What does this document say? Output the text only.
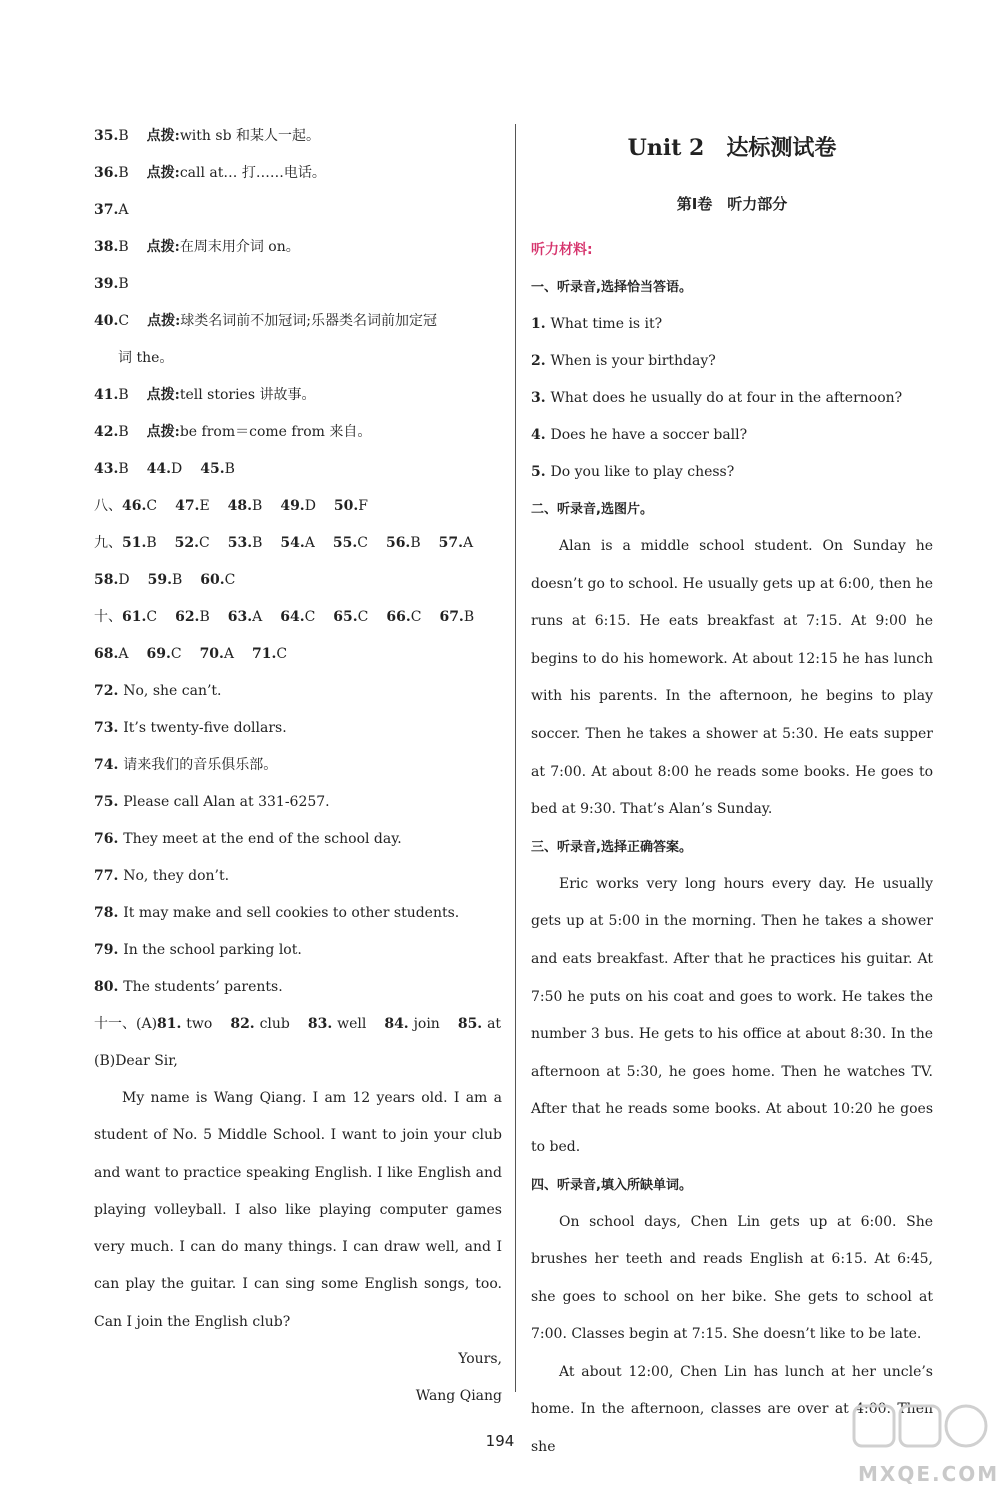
35.B 点拨:with sb 和某人一起。
36.B 点拨:call at… 打……电话。
37.A
38.B 点拨:在周末用介词 on。
39.B
40.C 点拨:球类名词前不加冠词;乐器类名词前加定冠
词 the。
41.B 点拨:tell stories 讲故事。
42.B 点拨:be from＝come from 来自。
43.B 44.D 45.B
八、46.C 47.E 48.B 49.D 50.F
九、51.B 52.C 53.B 54.A 55.C 56.B 57.A
58.D 59.B 60.C
十、61.C 62.B 63.A 64.C 65.C 66.C 67.B
68.A 69.C 70.A 71.C
72. No, she can’t.
73. It’s twenty-five dollars.
74. 请来我们的音乐俱乐部。
75. Please call Alan at 331-6257.
76. They meet at the end of the school day.
77. No, they don’t.
78. It may make and sell cookies to other students.
79. In the school parking lot.
80. The students’ parents.
十一、(A)81. two 82. club 83. well 84. join 85. at
(B)Dear Sir,

My name is Wang Qiang. I am 12 years old. I am a student of No. 5 Middle School. I want to join your club and want to practice speaking English. I like English and playing volleyball. I also like playing computer games very much. I can do many things. I can draw well, and I can play the guitar. I can sing some English songs, too. Can I join the English club?

Yours,
Wang Qiang
Unit 2　达标测试卷
第Ⅰ卷　听力部分
听力材料:
一、听录音,选择恰当答语。
1. What time is it?
2. When is your birthday?
3. What does he usually do at four in the afternoon?
4. Does he have a soccer ball?
5. Do you like to play chess?
二、听录音,选图片。

Alan is a middle school student. On Sunday he doesn’t go to school. He usually gets up at 6:00, then he runs at 6:15. He eats breakfast at 7:15. At 9:00 he begins to do his homework. At about 12:15 he has lunch with his parents. In the afternoon, he begins to play soccer. Then he takes a shower at 5:30. He eats supper at 7:00. At about 8:00 he reads some books. He goes to bed at 9:30. That’s Alan’s Sunday.

三、听录音,选择正确答案。

Eric works very long hours every day. He usually gets up at 5:00 in the morning. Then he takes a shower and eats breakfast. After that he practices his guitar. At 7:50 he puts on his coat and goes to work. He takes the number 3 bus. He gets to his office at about 8:30. In the afternoon at 5:30, he goes home. Then he watches TV. After that he reads some books. At about 10:20 he goes to bed.

四、听录音,填入所缺单词。

On school days, Chen Lin gets up at 6:00. She brushes her teeth and reads English at 6:15. At 6:45, she goes to school on her bike. She gets to school at 7:00. Classes begin at 7:15. She doesn’t like to be late.

At about 12:00, Chen Lin has lunch at her uncle’s home. In the afternoon, classes are over at 4:00. Then she

194
MXQE.COM
